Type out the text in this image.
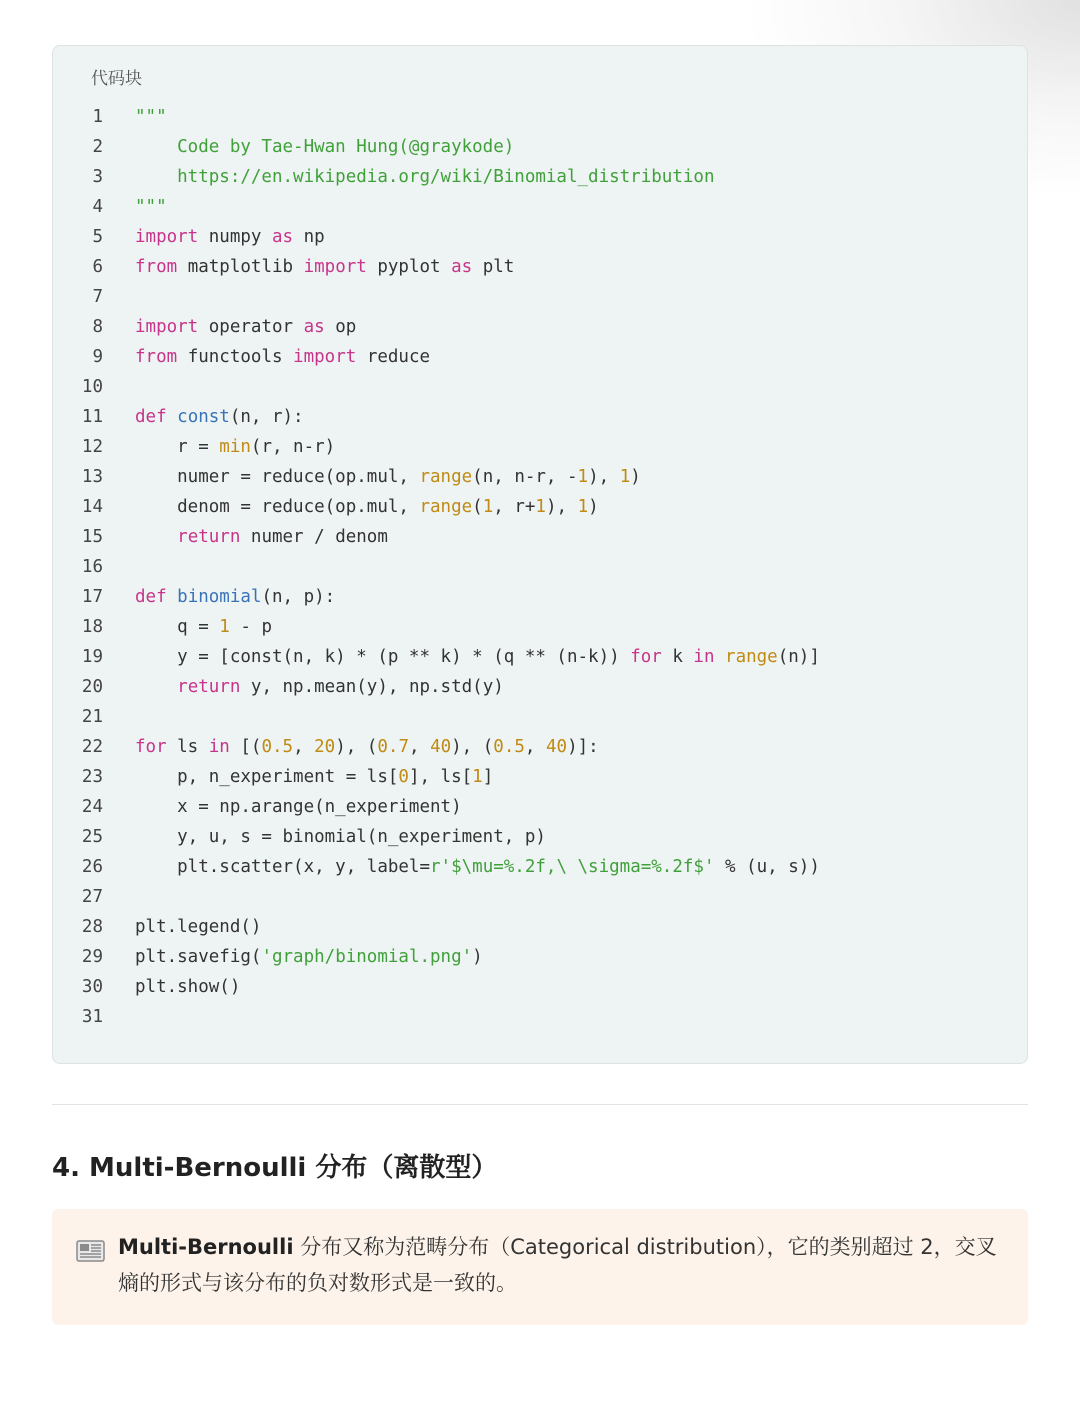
代码块
1 """
2 Code by Tae-Hwan Hung(@graykode)
3 https://en.wikipedia.org/wiki/Binomial_distribution
4 """
5 import numpy as np
6 from matplotlib import pyplot as plt
7
8 import operator as op
9 from functools import reduce
10
11 def const(n, r):
12 r = min(r, n-r)
13 numer = reduce(op.mul, range(n, n-r, -1), 1)
14 denom = reduce(op.mul, range(1, r+1), 1)
15	return numer / denom
16
17 def binomial(n, p):
18 q = 1 - p
19 y = [const(n, k) * (p ** k) * (q ** (n-k)) for k in range(n)]
20	return y, np.mean(y), np.std(y)
21
22 for ls in [(0.5, 20), (0.7, 40), (0.5, 40)]:
23 p, n_experiment = ls[0], ls[1]
24 x = np.arange(n_experiment)
25 y, u, s = binomial(n_experiment, p)
26 plt.scatter(x, y, label=r'$\mu=%.2f,\ \sigma=%.2f$' % (u, s))
27
28 plt.legend()
29 plt.savefig('graph/binomial.png')
30 plt.show()
31
4. Multi-Bernoulli 分布（离散型）
Multi-Bernoulli 分布又称为范畴分布（Categorical distribution），它的类别超过 2，交叉
熵的形式与该分布的负对数形式是一致的。
